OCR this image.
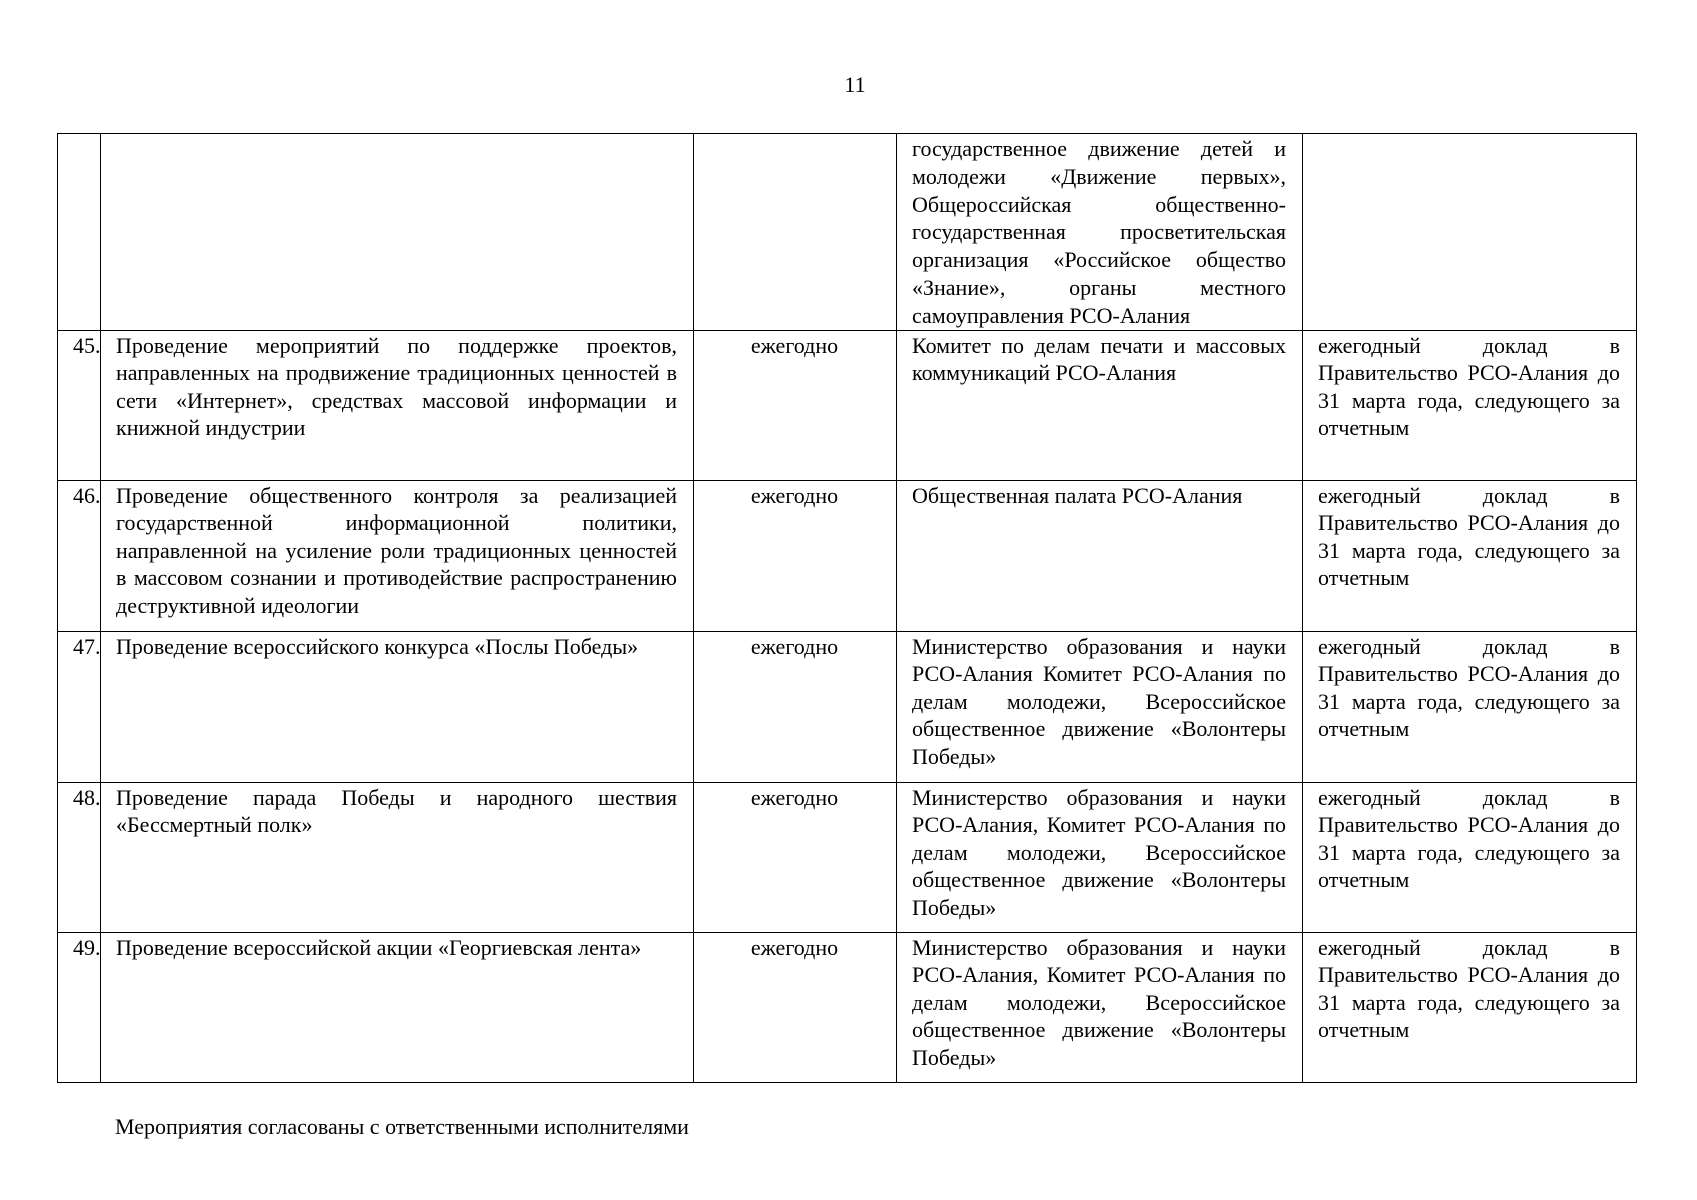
11
			государственное движение детей и молодежи «Движение первых», Общероссийская общественно-государственная просветительская организация «Российское общество «Знание», органы местного самоуправления РСО-Алания	
45.	Проведение мероприятий по поддержке проектов, направленных на продвижение традиционных ценностей в сети «Интернет», средствах массовой информации и книжной индустрии	ежегодно	Комитет по делам печати и массовых коммуникаций РСО-Алания	ежегодный доклад в Правительство РСО-Алания до 31 марта года, следующего за отчетным
46.	Проведение общественного контроля за реализацией государственной информационной политики, направленной на усиление роли традиционных ценностей в массовом сознании и противодействие распространению деструктивной идеологии	ежегодно	Общественная палата РСО-Алания	ежегодный доклад в Правительство РСО-Алания до 31 марта года, следующего за отчетным
47.	Проведение всероссийского конкурса «Послы Победы»	ежегодно	Министерство образования и науки РСО-Алания Комитет РСО-Алания по делам молодежи, Всероссийское общественное движение «Волонтеры Победы»	ежегодный доклад в Правительство РСО-Алания до 31 марта года, следующего за отчетным
48.	Проведение парада Победы и народного шествия «Бессмертный полк»	ежегодно	Министерство образования и науки РСО-Алания, Комитет РСО-Алания по делам молодежи, Всероссийское общественное движение «Волонтеры Победы»	ежегодный доклад в Правительство РСО-Алания до 31 марта года, следующего за отчетным
49.	Проведение всероссийской акции «Георгиевская лента»	ежегодно	Министерство образования и науки РСО-Алания, Комитет РСО-Алания по делам молодежи, Всероссийское общественное движение «Волонтеры Победы»	ежегодный доклад в Правительство РСО-Алания до 31 марта года, следующего за отчетным
Мероприятия согласованы с ответственными исполнителями
